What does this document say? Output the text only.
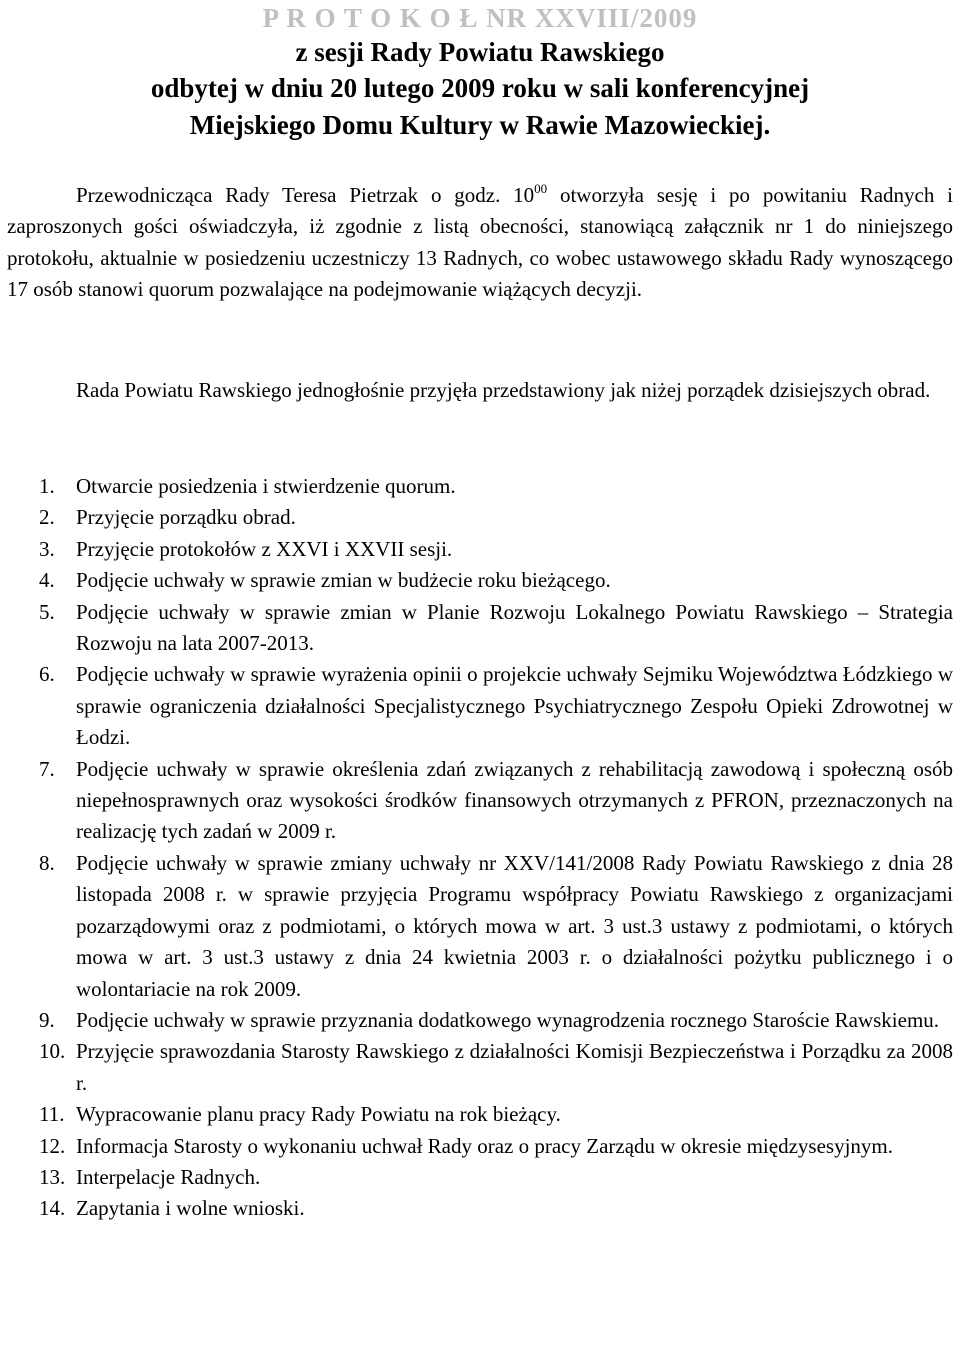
P R O T O K O Ł NR XXVIII/2009
z sesji Rady Powiatu Rawskiego
odbytej w dniu 20 lutego 2009 roku w sali konferencyjnej
Miejskiego Domu Kultury w Rawie Mazowieckiej.

Przewodnicząca Rady Teresa Pietrzak o godz. $10^{00}$ otworzyła sesję i po powitaniu Radnych i zaproszonych gości oświadczyła, iż zgodnie z listą obecności, stanowiącą załącznik nr 1 do niniejszego protokołu, aktualnie w posiedzeniu uczestniczy 13 Radnych, co wobec ustawowego składu Rady wynoszącego 17 osób stanowi quorum pozwalające na podejmowanie wiążących decyzji.

Rada Powiatu Rawskiego jednogłośnie przyjęła przedstawiony jak niżej porządek dzisiejszych obrad.

1. Otwarcie posiedzenia i stwierdzenie quorum.
2. Przyjęcie porządku obrad.
3. Przyjęcie protokołów z XXVI i XXVII sesji.
4. Podjęcie uchwały w sprawie zmian w budżecie roku bieżącego.
5. Podjęcie uchwały w sprawie zmian w Planie Rozwoju Lokalnego Powiatu Rawskiego – Strategia Rozwoju na lata 2007-2013.
6. Podjęcie uchwały w sprawie wyrażenia opinii o projekcie uchwały Sejmiku Województwa Łódzkiego w sprawie ograniczenia działalności Specjalistycznego Psychiatrycznego Zespołu Opieki Zdrowotnej w Łodzi.
7. Podjęcie uchwały w sprawie określenia zdań związanych z rehabilitacją zawodową i społeczną osób niepełnosprawnych oraz wysokości środków finansowych otrzymanych z PFRON, przeznaczonych na realizację tych zadań w 2009 r.
8. Podjęcie uchwały w sprawie zmiany uchwały nr XXV/141/2008 Rady Powiatu Rawskiego z dnia 28 listopada 2008 r. w sprawie przyjęcia Programu współpracy Powiatu Rawskiego z organizacjami pozarządowymi oraz z podmiotami, o których mowa w art. 3 ust.3 ustawy z podmiotami, o których mowa w art. 3 ust.3 ustawy z dnia 24 kwietnia 2003 r. o działalności pożytku publicznego i o wolontariacie na rok 2009.
9. Podjęcie uchwały w sprawie przyznania dodatkowego wynagrodzenia rocznego Staroście Rawskiemu.
10. Przyjęcie sprawozdania Starosty Rawskiego z działalności Komisji Bezpieczeństwa i Porządku za 2008 r.
11. Wypracowanie planu pracy Rady Powiatu na rok bieżący.
12. Informacja Starosty o wykonaniu uchwał Rady oraz o pracy Zarządu w okresie międzysesyjnym.
13. Interpelacje Radnych.
14. Zapytania i wolne wnioski.
